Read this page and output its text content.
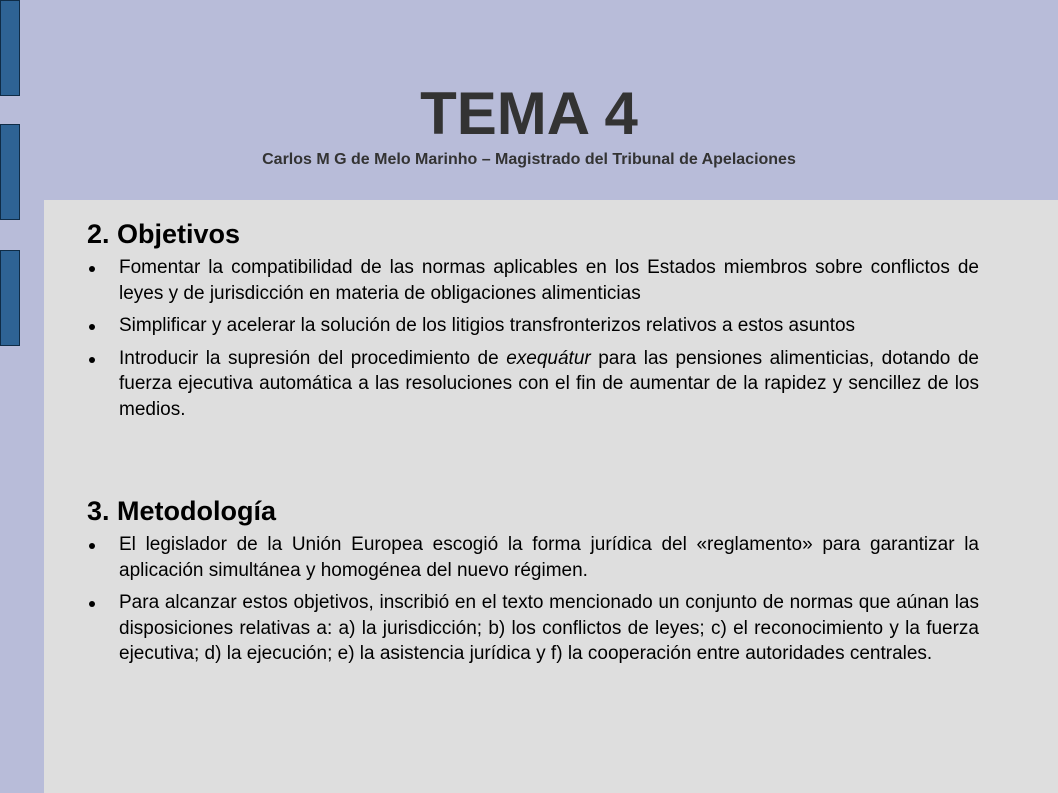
TEMA 4
Carlos M G de Melo Marinho – Magistrado del Tribunal de Apelaciones
2. Objetivos
Fomentar la compatibilidad de las normas aplicables en los Estados miembros sobre conflictos de leyes y de jurisdicción en materia de obligaciones alimenticias
Simplificar y acelerar la solución de los litigios transfronterizos relativos a estos asuntos
Introducir la supresión del procedimiento de exequátur para las pensiones alimenticias, dotando de fuerza ejecutiva automática a las resoluciones con el fin de aumentar de la rapidez y sencillez de los medios.
3. Metodología
El legislador de la Unión Europea escogió la forma jurídica del «reglamento» para garantizar la aplicación simultánea y homogénea del nuevo régimen.
Para alcanzar estos objetivos, inscribió en el texto mencionado un conjunto de normas que aúnan las disposiciones relativas a: a) la jurisdicción; b) los conflictos de leyes; c) el reconocimiento y la fuerza ejecutiva; d) la ejecución; e) la asistencia jurídica y f) la cooperación entre autoridades centrales.
